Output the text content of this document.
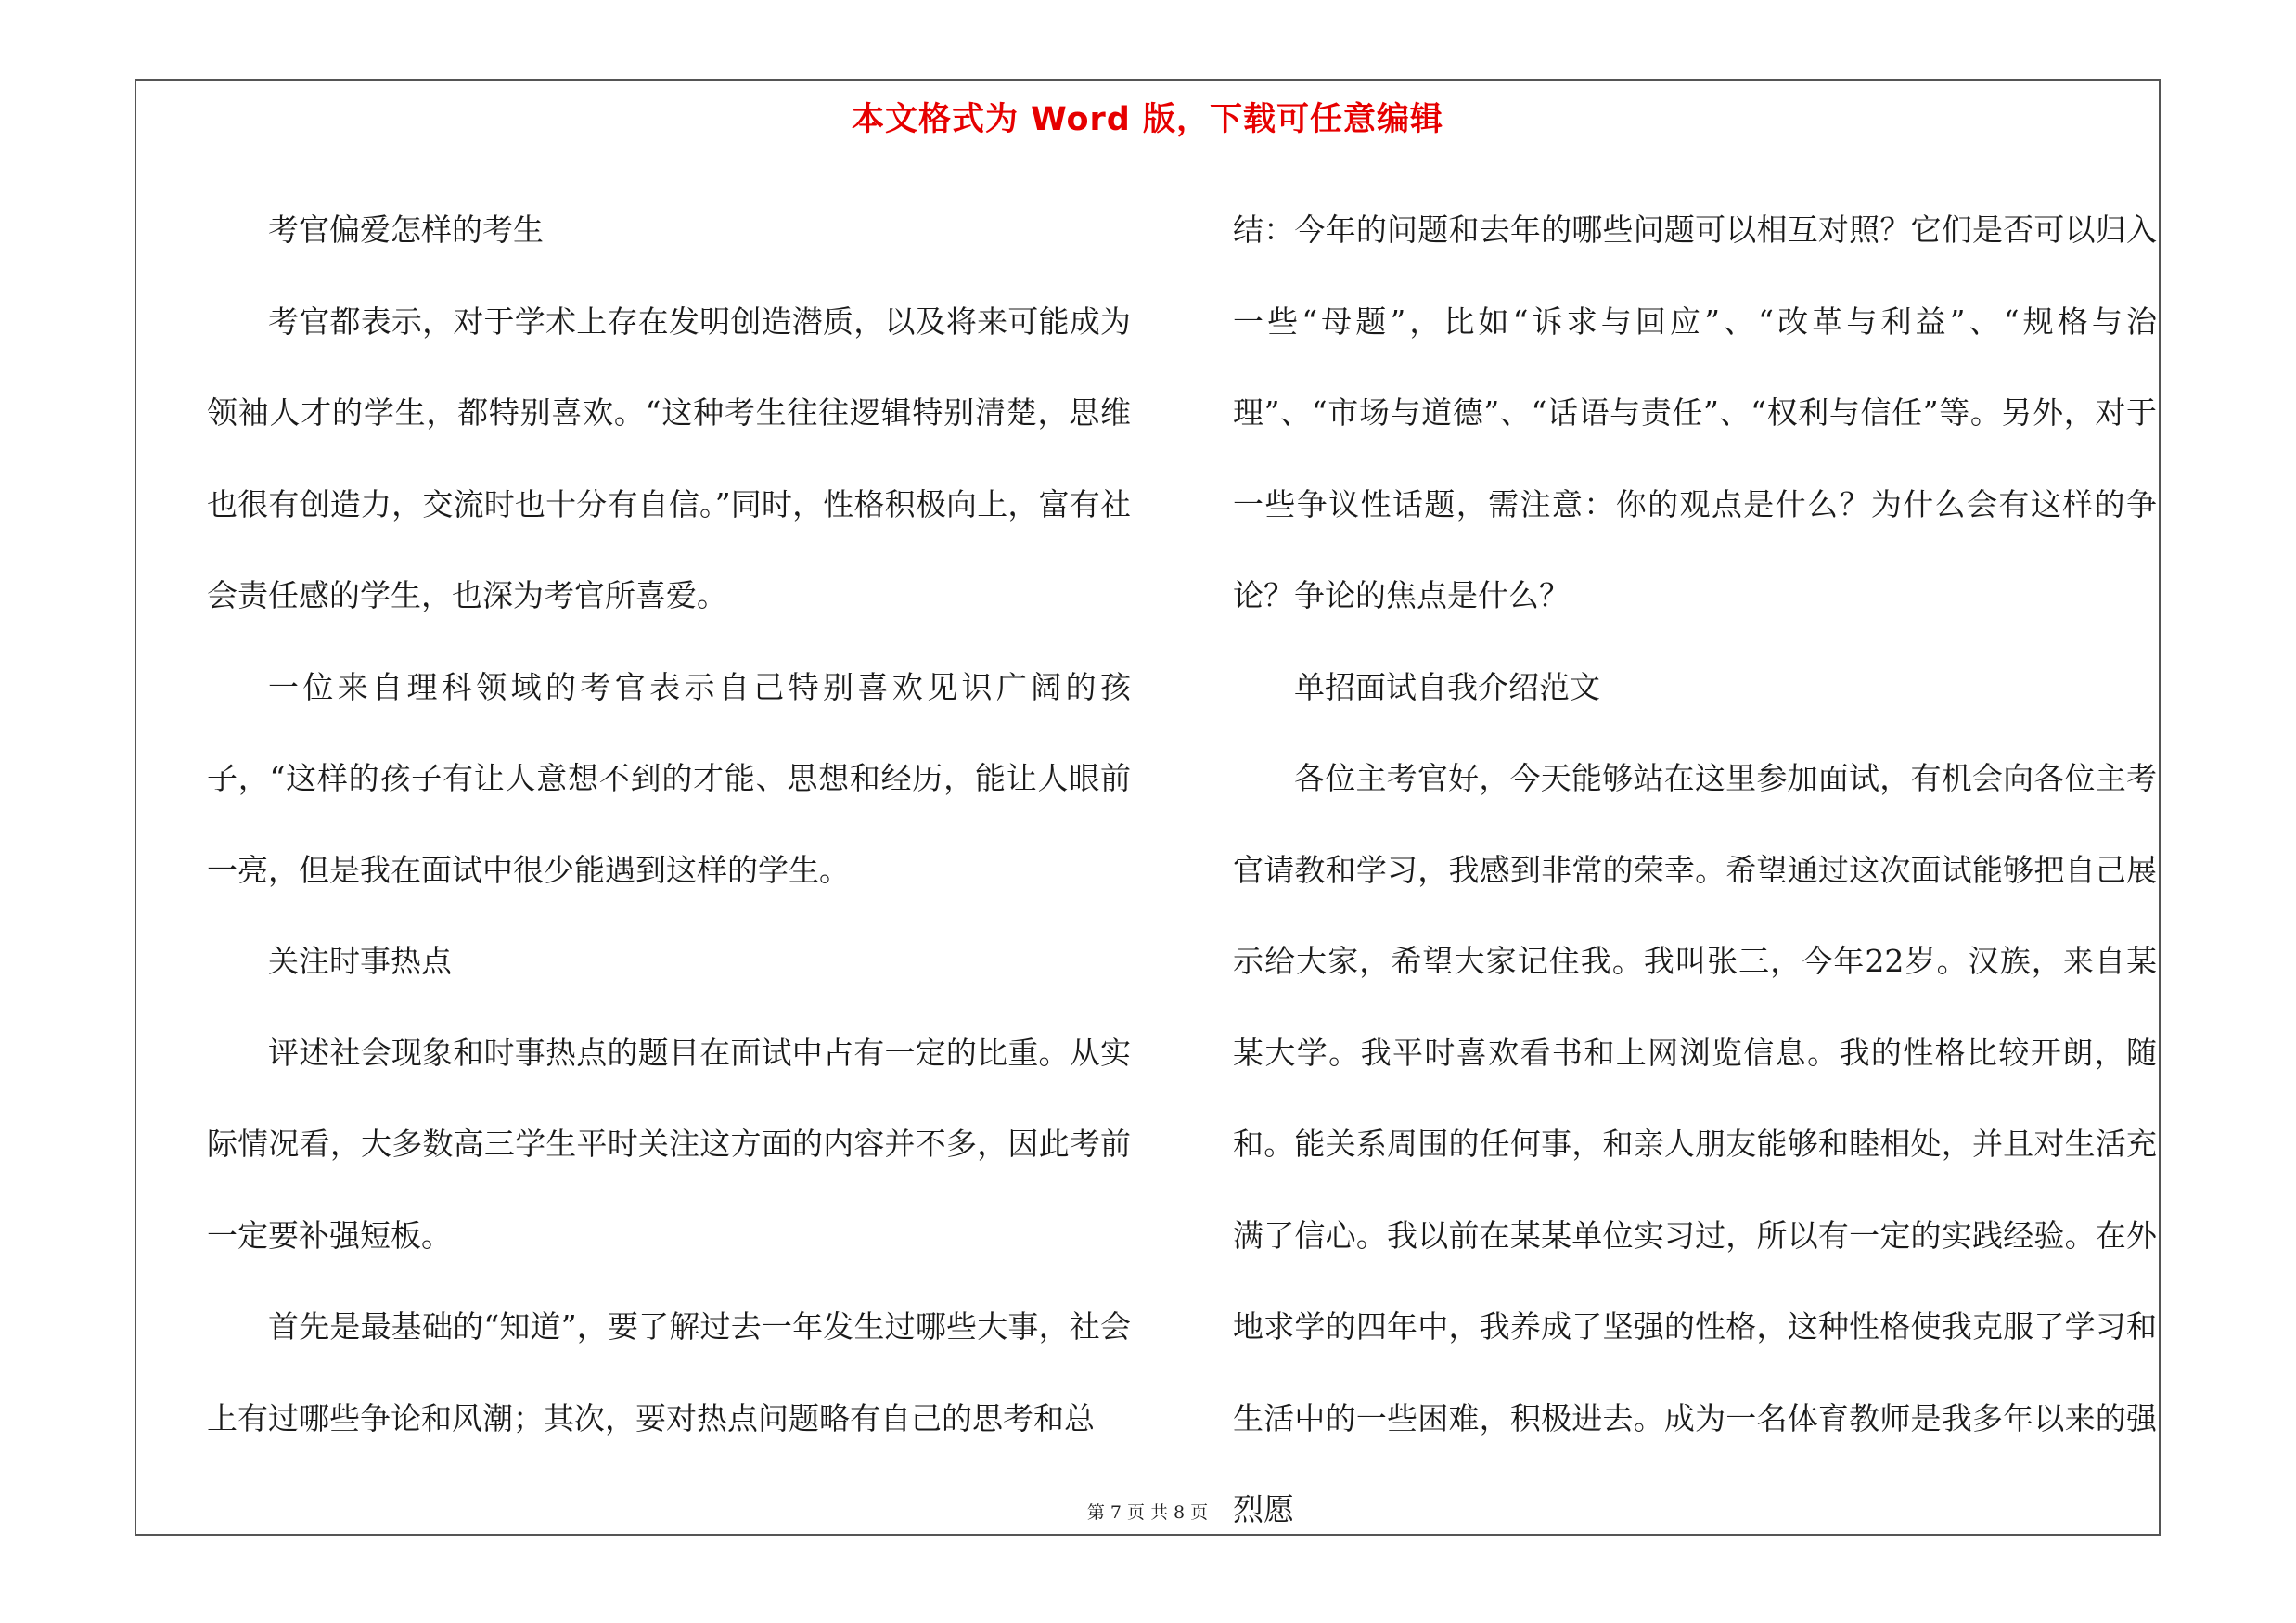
本文格式为 Word 版，下载可任意编辑

考官偏爱怎样的考生

考官都表示，对于学术上存在发明创造潜质，以及将来可能成为领袖人才的学生，都特别喜欢。“这种考生往往逻辑特别清楚，思维也很有创造力，交流时也十分有自信。”同时，性格积极向上，富有社会责任感的学生，也深为考官所喜爱。

一位来自理科领域的考官表示自己特别喜欢见识广阔的孩子，“这样的孩子有让人意想不到的才能、思想和经历，能让人眼前一亮，但是我在面试中很少能遇到这样的学生。

关注时事热点

评述社会现象和时事热点的题目在面试中占有一定的比重。从实际情况看，大多数高三学生平时关注这方面的内容并不多，因此考前一定要补强短板。

首先是最基础的“知道”，要了解过去一年发生过哪些大事，社会上有过哪些争论和风潮；其次，要对热点问题略有自己的思考和总

结：今年的问题和去年的哪些问题可以相互对照？它们是否可以归入一些“母题”，比如“诉求与回应”、“改革与利益”、“规格与治理”、“市场与道德”、“话语与责任”、“权利与信任”等。另外，对于一些争议性话题，需注意：你的观点是什么？为什么会有这样的争论？争论的焦点是什么？

单招面试自我介绍范文

各位主考官好，今天能够站在这里参加面试，有机会向各位主考官请教和学习，我感到非常的荣幸。希望通过这次面试能够把自己展示给大家，希望大家记住我。我叫张三，今年22岁。汉族，来自某某大学。我平时喜欢看书和上网浏览信息。我的性格比较开朗，随和。能关系周围的任何事，和亲人朋友能够和睦相处，并且对生活充满了信心。我以前在某某单位实习过，所以有一定的实践经验。在外地求学的四年中，我养成了坚强的性格，这种性格使我克服了学习和生活中的一些困难，积极进去。成为一名体育教师是我多年以来的强烈愿

第 7 页 共 8 页
